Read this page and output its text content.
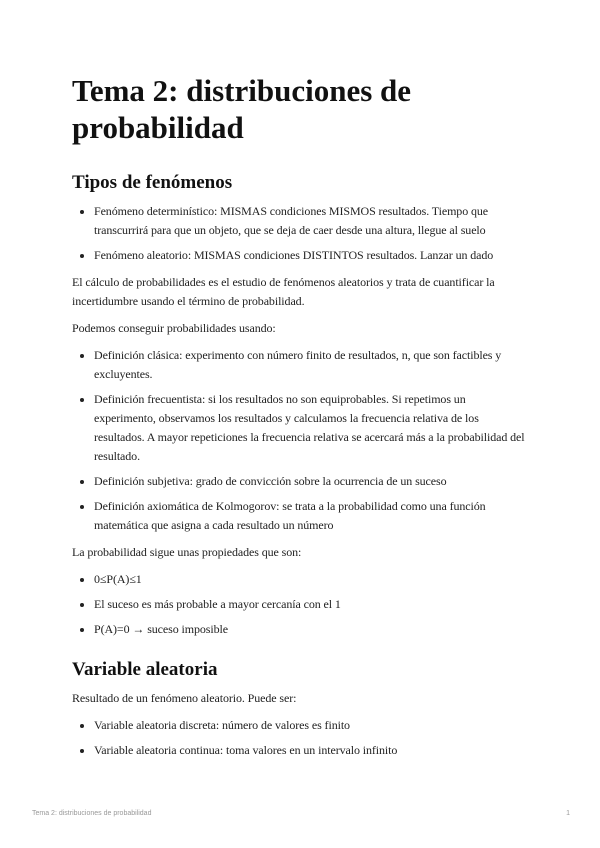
Tema 2: distribuciones de probabilidad
Tipos de fenómenos
Fenómeno determinístico: MISMAS condiciones MISMOS resultados. Tiempo que transcurrirá para que un objeto, que se deja de caer desde una altura, llegue al suelo
Fenómeno aleatorio: MISMAS condiciones DISTINTOS resultados. Lanzar un dado

El cálculo de probabilidades es el estudio de fenómenos aleatorios y trata de cuantificar la incertidumbre usando el término de probabilidad.

Podemos conseguir probabilidades usando:

Definición clásica: experimento con número finito de resultados, n, que son factibles y excluyentes.
Definición frecuentista: si los resultados no son equiprobables. Si repetimos un experimento, observamos los resultados y calculamos la frecuencia relativa de los resultados. A mayor repeticiones la frecuencia relativa se acercará más a la probabilidad del resultado.
Definición subjetiva: grado de convicción sobre la ocurrencia de un suceso
Definición axiomática de Kolmogorov: se trata a la probabilidad como una función matemática que asigna a cada resultado un número

La probabilidad sigue unas propiedades que son:

0≤P(A)≤1
El suceso es más probable a mayor cercanía con el 1
P(A)=0 → suceso imposible
Variable aleatoria

Resultado de un fenómeno aleatorio. Puede ser:

Variable aleatoria discreta: número de valores es finito
Variable aleatoria continua: toma valores en un intervalo infinito
Tema 2: distribuciones de probabilidad	1
